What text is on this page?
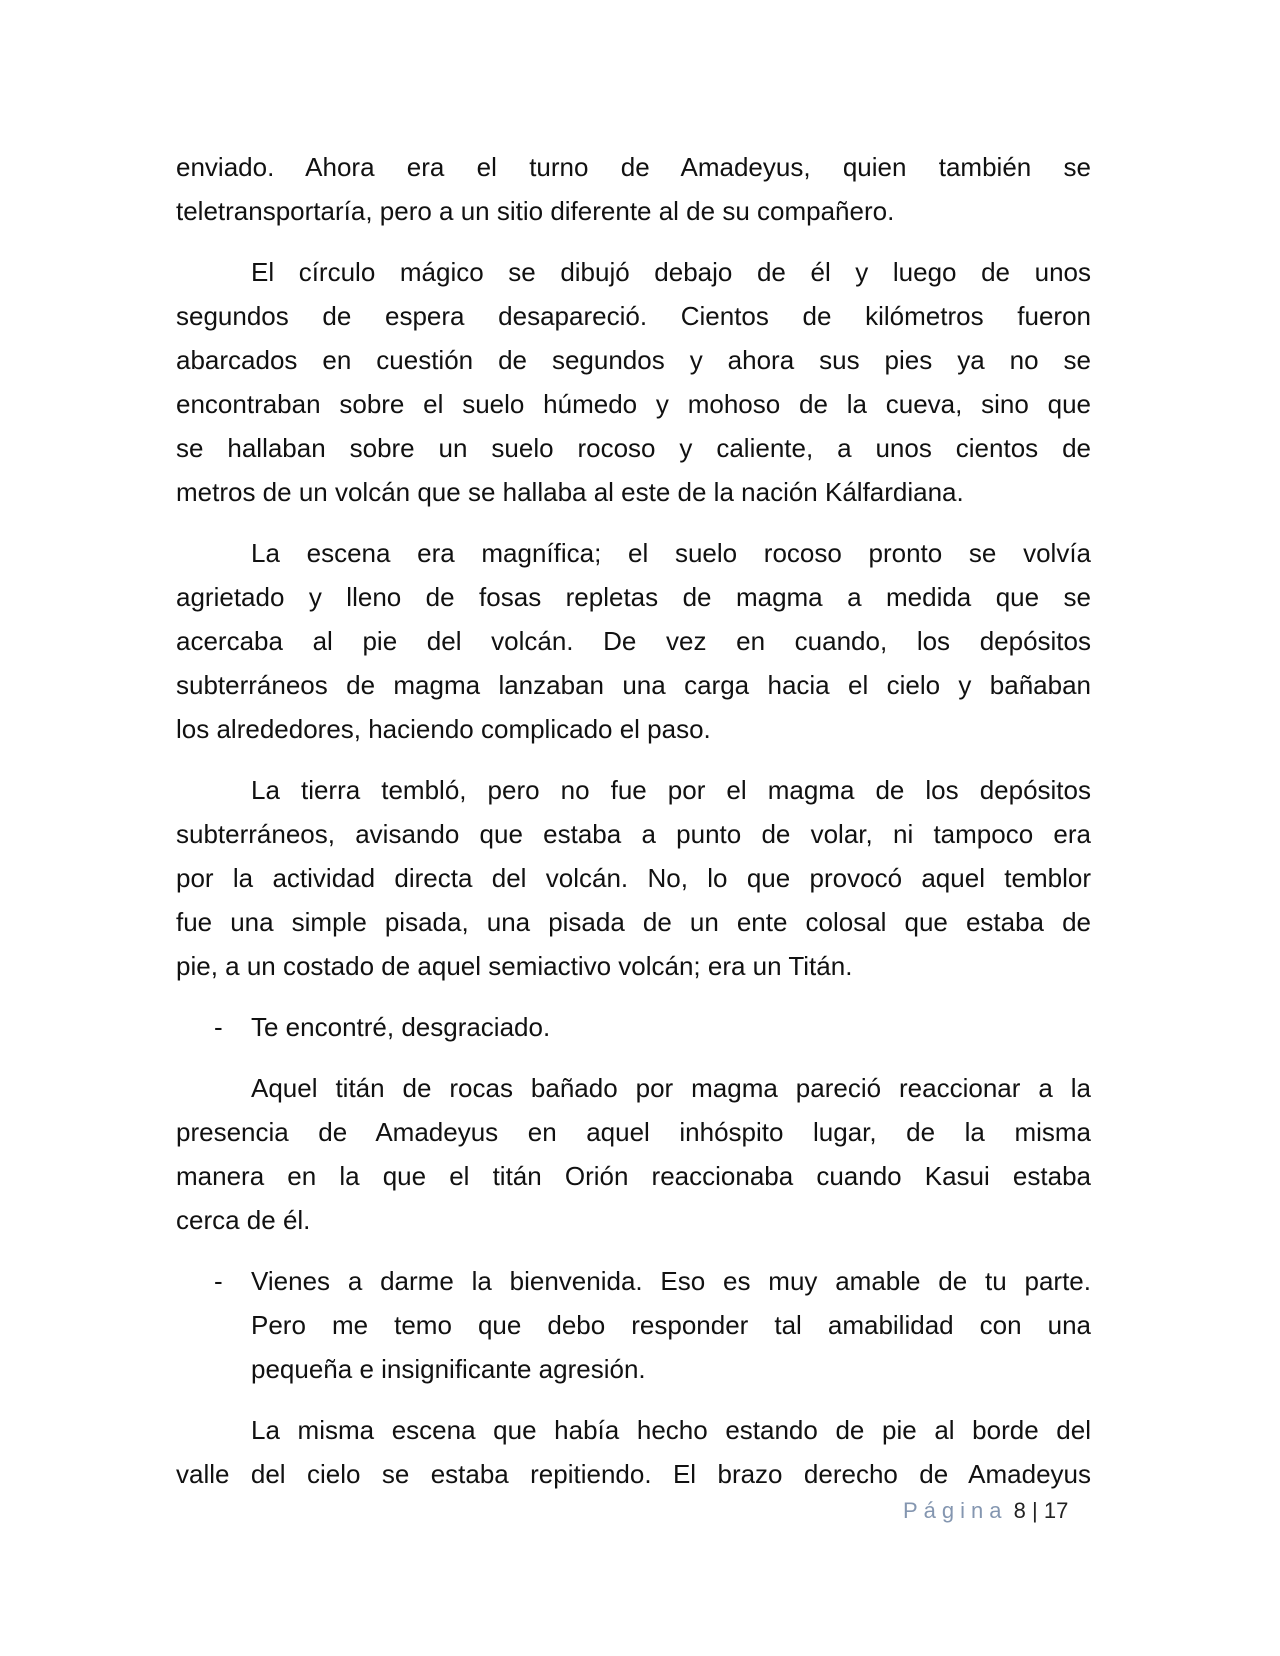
enviado. Ahora era el turno de Amadeyus, quien también se
teletransportaría, pero a un sitio diferente al de su compañero.
El círculo mágico se dibujó debajo de él y luego de unos
segundos de espera desapareció. Cientos de kilómetros fueron
abarcados en cuestión de segundos y ahora sus pies ya no se
encontraban sobre el suelo húmedo y mohoso de la cueva, sino que
se hallaban sobre un suelo rocoso y caliente, a unos cientos de
metros de un volcán que se hallaba al este de la nación Kálfardiana.
La escena era magnífica; el suelo rocoso pronto se volvía
agrietado y lleno de fosas repletas de magma a medida que se
acercaba al pie del volcán. De vez en cuando, los depósitos
subterráneos de magma lanzaban una carga hacia el cielo y bañaban
los alrededores, haciendo complicado el paso.
La tierra tembló, pero no fue por el magma de los depósitos
subterráneos, avisando que estaba a punto de volar, ni tampoco era
por la actividad directa del volcán. No, lo que provocó aquel temblor
fue una simple pisada, una pisada de un ente colosal que estaba de
pie, a un costado de aquel semiactivo volcán; era un Titán.
- Te encontré, desgraciado.
Aquel titán de rocas bañado por magma pareció reaccionar a la
presencia de Amadeyus en aquel inhóspito lugar, de la misma
manera en la que el titán Orión reaccionaba cuando Kasui estaba
cerca de él.
- Vienes a darme la bienvenida. Eso es muy amable de tu parte.
Pero me temo que debo responder tal amabilidad con una
pequeña e insignificante agresión.
La misma escena que había hecho estando de pie al borde del
valle del cielo se estaba repitiendo. El brazo derecho de Amadeyus
Página 8 | 17
